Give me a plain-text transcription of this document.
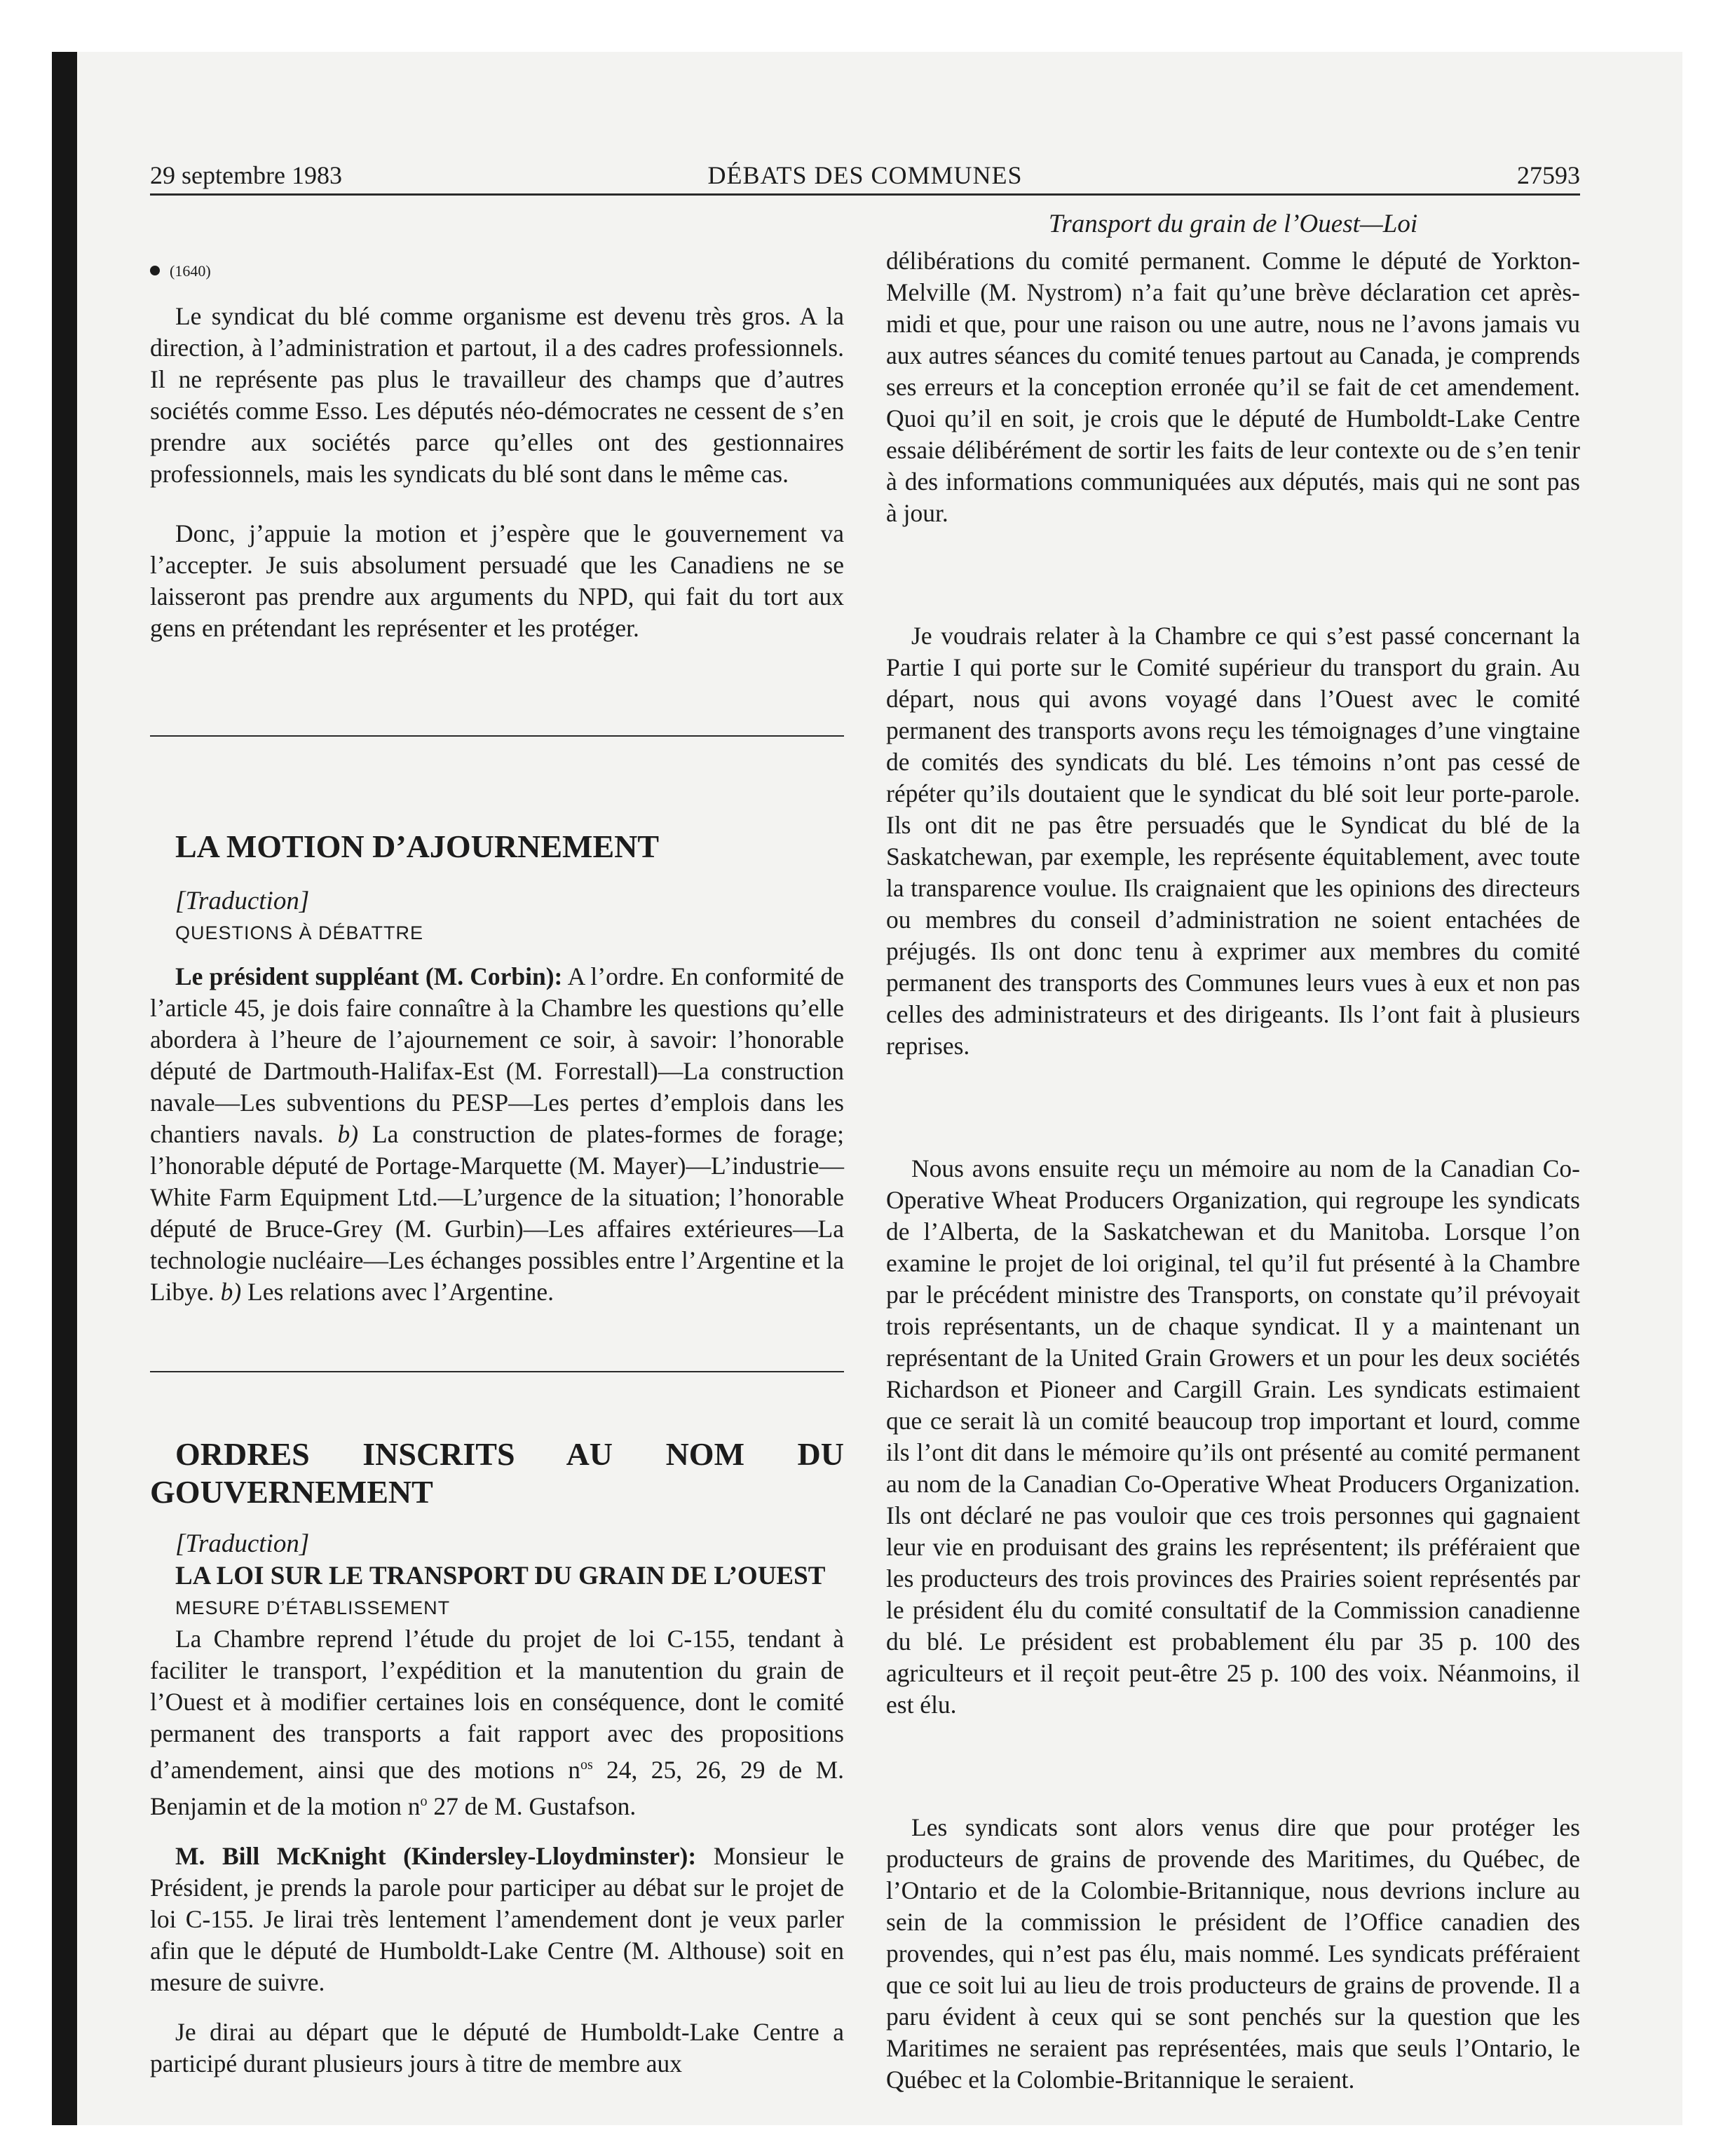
29 septembre 1983	DÉBATS DES COMMUNES	27593
Transport du grain de l’Ouest—Loi
(1640)

Le syndicat du blé comme organisme est devenu très gros. A la direction, à l’administration et partout, il a des cadres professionnels. Il ne représente pas plus le travailleur des champs que d’autres sociétés comme Esso. Les députés néo-démocrates ne cessent de s’en prendre aux sociétés parce qu’elles ont des gestionnaires professionnels, mais les syndicats du blé sont dans le même cas.

Donc, j’appuie la motion et j’espère que le gouvernement va l’accepter. Je suis absolument persuadé que les Canadiens ne se laisseront pas prendre aux arguments du NPD, qui fait du tort aux gens en prétendant les représenter et les protéger.

LA MOTION D’AJOURNEMENT

[Traduction]

QUESTIONS À DÉBATTRE

Le président suppléant (M. Corbin): A l’ordre. En conformité de l’article 45, je dois faire connaître à la Chambre les questions qu’elle abordera à l’heure de l’ajournement ce soir, à savoir: l’honorable député de Dartmouth-Halifax-Est (M. Forrestall)—La construction navale—Les subventions du PESP—Les pertes d’emplois dans les chantiers navals. b) La construction de plates-formes de forage; l’honorable député de Portage-Marquette (M. Mayer)—L’industrie—White Farm Equipment Ltd.—L’urgence de la situation; l’honorable député de Bruce-Grey (M. Gurbin)—Les affaires extérieures—La technologie nucléaire—Les échanges possibles entre l’Argentine et la Libye. b) Les relations avec l’Argentine.

ORDRES INSCRITS AU NOM DU GOUVERNEMENT

[Traduction]

LA LOI SUR LE TRANSPORT DU GRAIN DE L’OUEST

MESURE D’ÉTABLISSEMENT

La Chambre reprend l’étude du projet de loi C-155, tendant à faciliter le transport, l’expédition et la manutention du grain de l’Ouest et à modifier certaines lois en conséquence, dont le comité permanent des transports a fait rapport avec des propositions d’amendement, ainsi que des motions $n^{os}$ 24, 25, 26, 29 de M. Benjamin et de la motion $n^o$ 27 de M. Gustafson.

M. Bill McKnight (Kindersley-Lloydminster): Monsieur le Président, je prends la parole pour participer au débat sur le projet de loi C-155. Je lirai très lentement l’amendement dont je veux parler afin que le député de Humboldt-Lake Centre (M. Althouse) soit en mesure de suivre.

Je dirai au départ que le député de Humboldt-Lake Centre a participé durant plusieurs jours à titre de membre aux

délibérations du comité permanent. Comme le député de Yorkton-Melville (M. Nystrom) n’a fait qu’une brève déclaration cet après-midi et que, pour une raison ou une autre, nous ne l’avons jamais vu aux autres séances du comité tenues partout au Canada, je comprends ses erreurs et la conception erronée qu’il se fait de cet amendement. Quoi qu’il en soit, je crois que le député de Humboldt-Lake Centre essaie délibérément de sortir les faits de leur contexte ou de s’en tenir à des informations communiquées aux députés, mais qui ne sont pas à jour.

Je voudrais relater à la Chambre ce qui s’est passé concernant la Partie I qui porte sur le Comité supérieur du transport du grain. Au départ, nous qui avons voyagé dans l’Ouest avec le comité permanent des transports avons reçu les témoignages d’une vingtaine de comités des syndicats du blé. Les témoins n’ont pas cessé de répéter qu’ils doutaient que le syndicat du blé soit leur porte-parole. Ils ont dit ne pas être persuadés que le Syndicat du blé de la Saskatchewan, par exemple, les représente équitablement, avec toute la transparence voulue. Ils craignaient que les opinions des directeurs ou membres du conseil d’administration ne soient entachées de préjugés. Ils ont donc tenu à exprimer aux membres du comité permanent des transports des Communes leurs vues à eux et non pas celles des administrateurs et des dirigeants. Ils l’ont fait à plusieurs reprises.

Nous avons ensuite reçu un mémoire au nom de la Canadian Co-Operative Wheat Producers Organization, qui regroupe les syndicats de l’Alberta, de la Saskatchewan et du Manitoba. Lorsque l’on examine le projet de loi original, tel qu’il fut présenté à la Chambre par le précédent ministre des Transports, on constate qu’il prévoyait trois représentants, un de chaque syndicat. Il y a maintenant un représentant de la United Grain Growers et un pour les deux sociétés Richardson et Pioneer and Cargill Grain. Les syndicats estimaient que ce serait là un comité beaucoup trop important et lourd, comme ils l’ont dit dans le mémoire qu’ils ont présenté au comité permanent au nom de la Canadian Co-Operative Wheat Producers Organization. Ils ont déclaré ne pas vouloir que ces trois personnes qui gagnaient leur vie en produisant des grains les représentent; ils préféraient que les producteurs des trois provinces des Prairies soient représentés par le président élu du comité consultatif de la Commission canadienne du blé. Le président est probablement élu par 35 p. 100 des agriculteurs et il reçoit peut-être 25 p. 100 des voix. Néanmoins, il est élu.

Les syndicats sont alors venus dire que pour protéger les producteurs de grains de provende des Maritimes, du Québec, de l’Ontario et de la Colombie-Britannique, nous devrions inclure au sein de la commission le président de l’Office canadien des provendes, qui n’est pas élu, mais nommé. Les syndicats préféraient que ce soit lui au lieu de trois producteurs de grains de provende. Il a paru évident à ceux qui se sont penchés sur la question que les Maritimes ne seraient pas représentées, mais que seuls l’Ontario, le Québec et la Colombie-Britannique le seraient.
